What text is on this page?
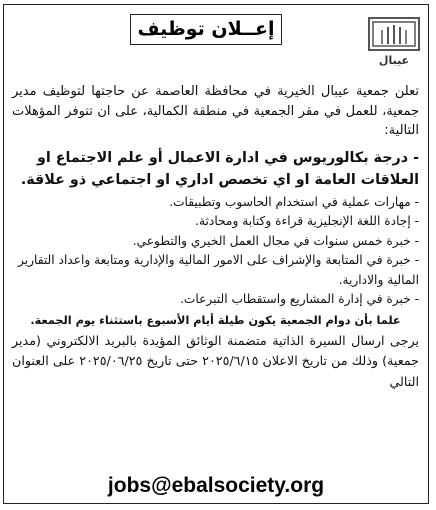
عيبال
إعــلان توظيف

تعلن جمعية عيبال الخيرية في محافظة العاصمة عن حاجتها لتوظيف مدير جمعية، للعمل في مقر الجمعية في منطقة الكمالية، على ان تتوفر المؤهلات التالية:

- درجة بكالوريوس في ادارة الاعمال أو علم الاجتماع او العلاقات العامة او اي تخصص اداري او اجتماعي ذو علاقة.

- مهارات عملية في استخدام الحاسوب وتطبيقات.
- إجادة اللغة الإنجليزية قراءة وكتابة ومحادثة.
- خبرة خمس سنوات في مجال العمل الخيري والتطوعي.
- خبرة في المتابعة والإشراف على الامور المالية والإدارية ومتابعة واعداد التقارير المالية والادارية.
- خبرة في إدارة المشاريع واستقطاب التبرعات.

علما بأن دوام الجمعية يكون طيلة أيام الأسبوع باستثناء يوم الجمعة.

يرجى ارسال السيرة الذاتية متضمنة الوثائق المؤيدة بالبريد الالكتروني (مدير جمعية) وذلك من تاريخ الاعلان ٢٠٢٥/٦/١٥ حتى تاريخ ٢٠٢٥/٠٦/٢٥ على العنوان التالي

jobs@ebalsociety.org
